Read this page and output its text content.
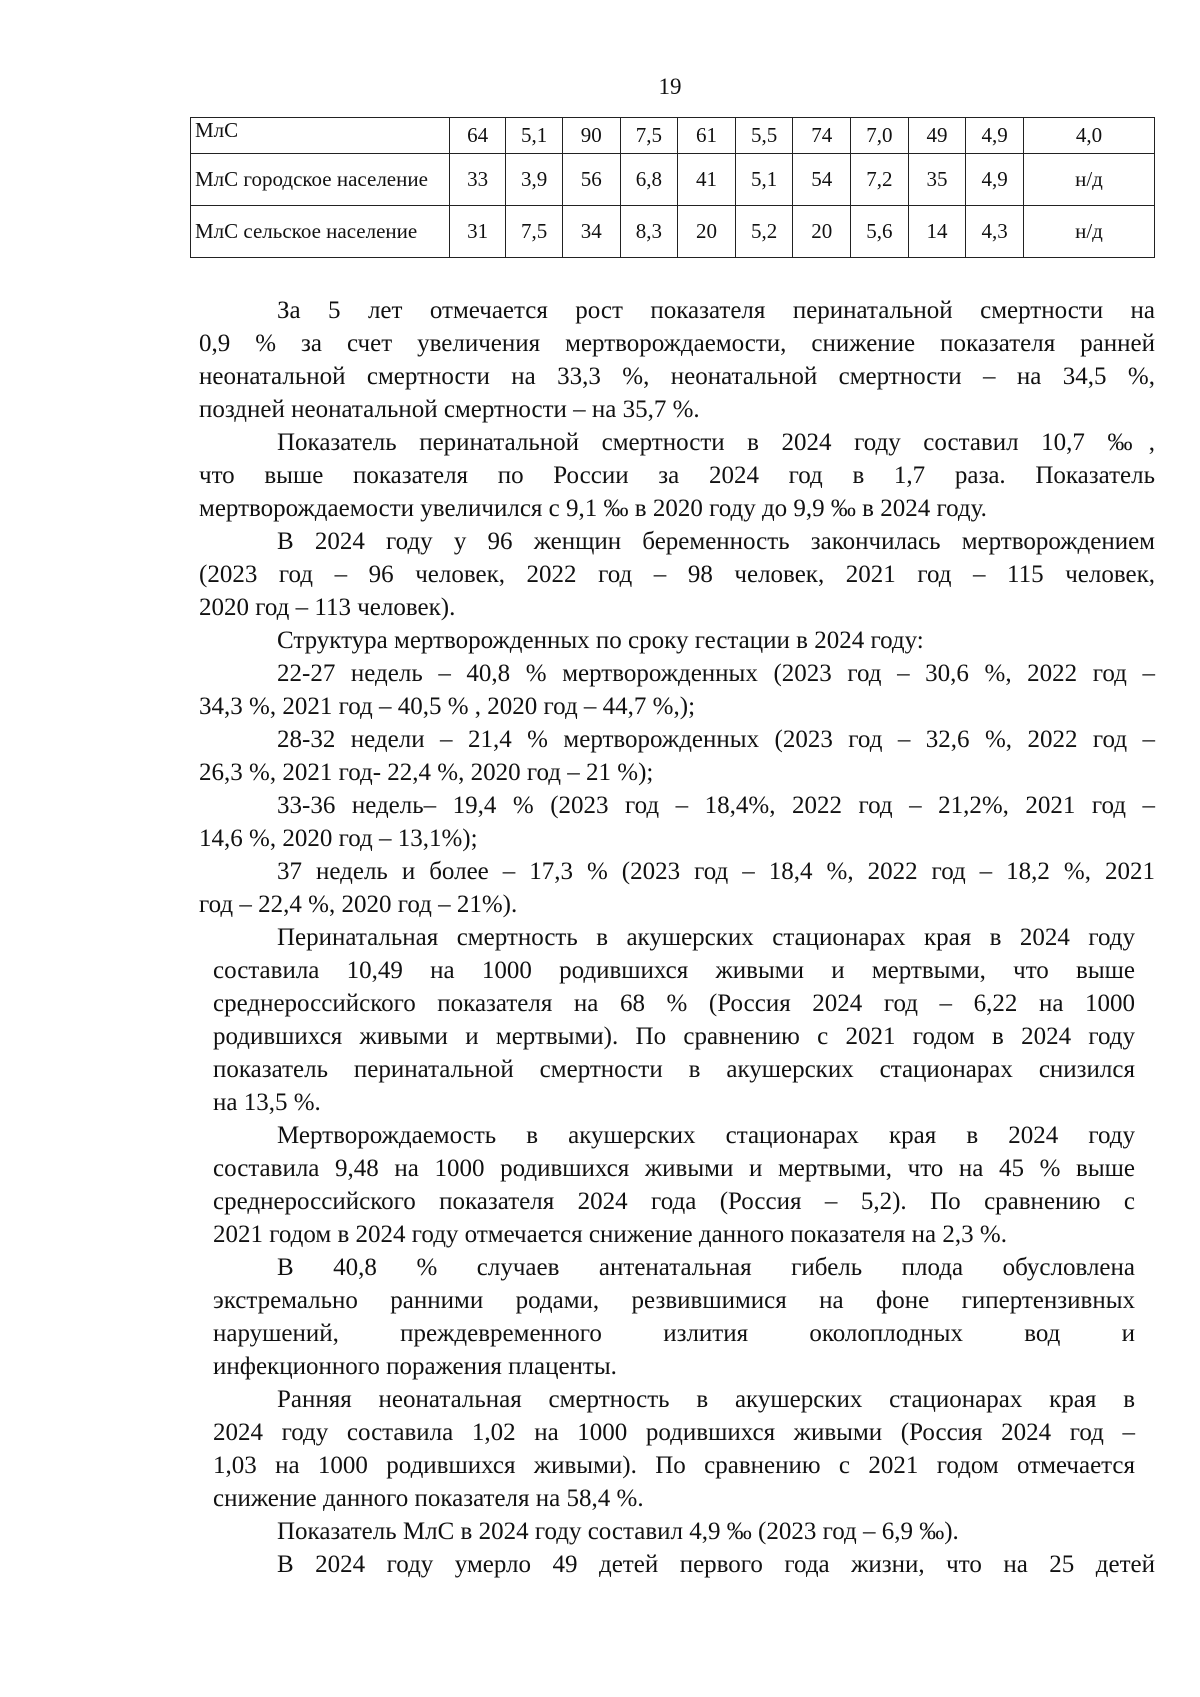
19
МлС	64	5,1	90	7,5	61	5,5	74	7,0	49	4,9	4,0
МлС городское население	33	3,9	56	6,8	41	5,1	54	7,2	35	4,9	н/д
МлС сельское население	31	7,5	34	8,3	20	5,2	20	5,6	14	4,3	н/д
За 5 лет отмечается рост показателя перинатальной смертности на
0,9 % за счет увеличения мертворождаемости, снижение показателя ранней
неонатальной смертности на 33,3 %, неонатальной смертности – на 34,5 %,
поздней неонатальной смертности – на 35,7 %.
Показатель перинатальной смертности в 2024 году составил 10,7 ‰,
что выше показателя по России за 2024 год в 1,7 раза. Показатель
мертворождаемости увеличился с 9,1 ‰ в 2020 году до 9,9 ‰ в 2024 году.
В 2024 году у 96 женщин беременность закончилась мертворождением
(2023 год – 96 человек, 2022 год – 98 человек, 2021 год – 115 человек,
2020 год – 113 человек).
Структура мертворожденных по сроку гестации в 2024 году:
22-27 недель – 40,8 % мертворожденных (2023 год – 30,6 %, 2022 год –
34,3 %, 2021 год – 40,5 % , 2020 год – 44,7 %,);
28-32 недели – 21,4 % мертворожденных (2023 год – 32,6 %, 2022 год –
26,3 %, 2021 год- 22,4 %, 2020 год – 21 %);
33-36 недель– 19,4 % (2023 год – 18,4%, 2022 год – 21,2%, 2021 год –
14,6 %, 2020 год – 13,1%);
37 недель и более – 17,3 % (2023 год – 18,4 %, 2022 год – 18,2 %, 2021
год – 22,4 %, 2020 год – 21%).
Перинатальная смертность в акушерских стационарах края в 2024 году
составила 10,49 на 1000 родившихся живыми и мертвыми, что выше
среднероссийского показателя на 68 % (Россия 2024 год – 6,22 на 1000
родившихся живыми и мертвыми). По сравнению с 2021 годом в 2024 году
показатель перинатальной смертности в акушерских стационарах снизился
на 13,5 %.
Мертворождаемость в акушерских стационарах края в 2024 году
составила 9,48 на 1000 родившихся живыми и мертвыми, что на 45 % выше
среднероссийского показателя 2024 года (Россия – 5,2). По сравнению с
2021 годом в 2024 году отмечается снижение данного показателя на 2,3 %.
В 40,8 % случаев антенатальная гибель плода обусловлена
экстремально ранними родами, резвившимися на фоне гипертензивных
нарушений, преждевременного излития околоплодных вод и
инфекционного поражения плаценты.
Ранняя неонатальная смертность в акушерских стационарах края в
2024 году составила 1,02 на 1000 родившихся живыми (Россия 2024 год –
1,03 на 1000 родившихся живыми). По сравнению с 2021 годом отмечается
снижение данного показателя на 58,4 %.
Показатель МлС в 2024 году составил 4,9 ‰ (2023 год – 6,9 ‰).
В 2024 году умерло 49 детей первого года жизни, что на 25 детей
